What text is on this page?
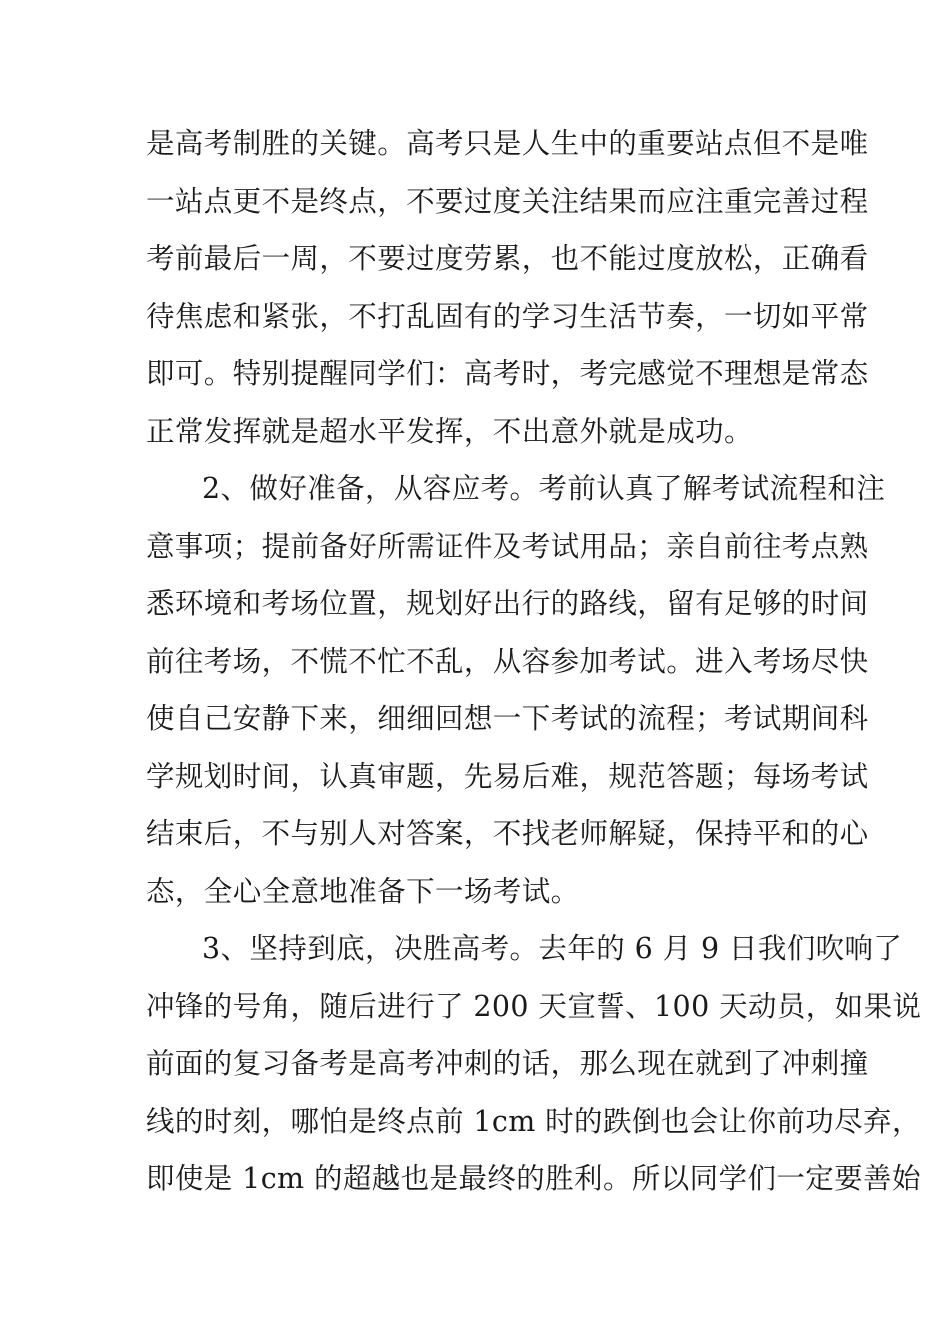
是高考制胜的关键。高考只是人生中的重要站点但不是唯
一站点更不是终点，不要过度关注结果而应注重完善过程
考前最后一周，不要过度劳累，也不能过度放松，正确看
待焦虑和紧张，不打乱固有的学习生活节奏，一切如平常
即可。特别提醒同学们：高考时，考完感觉不理想是常态
正常发挥就是超水平发挥，不出意外就是成功。
2、做好准备，从容应考。考前认真了解考试流程和注
意事项；提前备好所需证件及考试用品；亲自前往考点熟
悉环境和考场位置，规划好出行的路线，留有足够的时间
前往考场，不慌不忙不乱，从容参加考试。进入考场尽快
使自己安静下来，细细回想一下考试的流程；考试期间科
学规划时间，认真审题，先易后难，规范答题；每场考试
结束后，不与别人对答案，不找老师解疑，保持平和的心
态，全心全意地准备下一场考试。
3、坚持到底，决胜高考。去年的 6 月 9 日我们吹响了
冲锋的号角，随后进行了 200 天宣誓、100 天动员，如果说
前面的复习备考是高考冲刺的话，那么现在就到了冲刺撞
线的时刻，哪怕是终点前 1cm 时的跌倒也会让你前功尽弃，
即使是 1cm 的超越也是最终的胜利。所以同学们一定要善始
